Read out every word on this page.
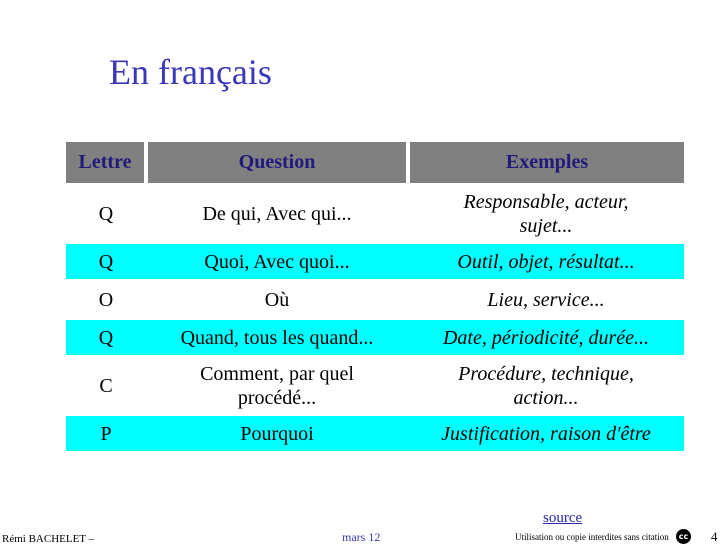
En français
Lettre	Question	Exemples
Q	De qui, Avec qui...	Responsable, acteur, sujet...

Q	Quoi, Avec quoi...	Outil, objet, résultat...
O	Où	Lieu, service...
Q	Quand, tous les quand...	Date, périodicité, durée...
C	Comment, par quel procédé...	Procédure, technique, action...

P	Pourquoi	Justification, raison d'être
source
Rémi BACHELET –	mars 12	Utilisation ou copie interdites sans citation	cc 4
